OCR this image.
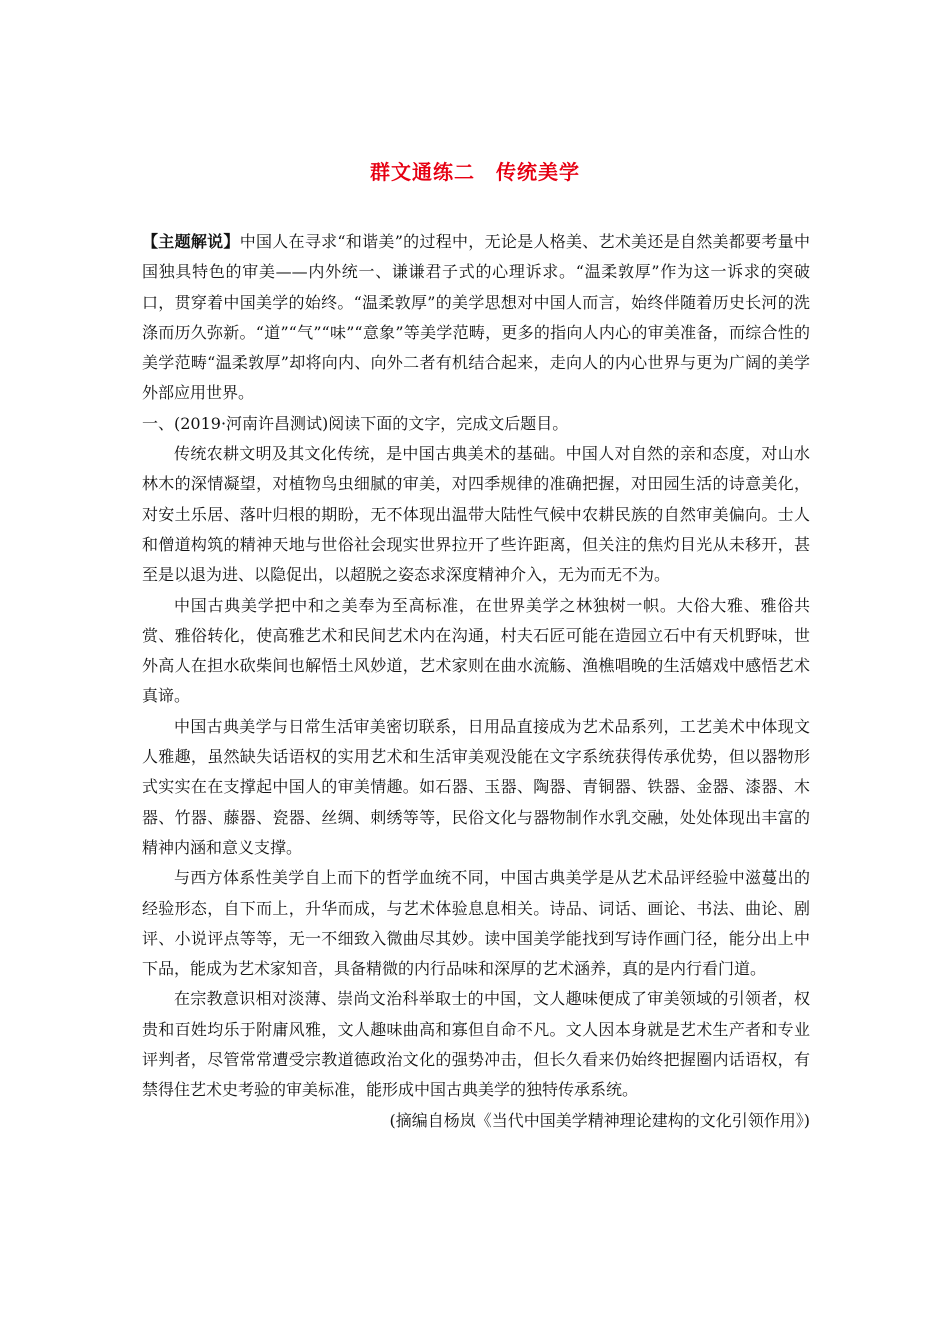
群文通练二　传统美学

【主题解说】中国人在寻求“和谐美”的过程中，无论是人格美、艺术美还是自然美都要考量中国独具特色的审美——内外统一、谦谦君子式的心理诉求。“温柔敦厚”作为这一诉求的突破口，贯穿着中国美学的始终。“温柔敦厚”的美学思想对中国人而言，始终伴随着历史长河的洗涤而历久弥新。“道”“气”“味”“意象”等美学范畴，更多的指向人内心的审美准备，而综合性的美学范畴“温柔敦厚”却将向内、向外二者有机结合起来，走向人的内心世界与更为广阔的美学外部应用世界。

一、(2019·河南许昌测试)阅读下面的文字，完成文后题目。

传统农耕文明及其文化传统，是中国古典美术的基础。中国人对自然的亲和态度，对山水林木的深情凝望，对植物鸟虫细腻的审美，对四季规律的准确把握，对田园生活的诗意美化，对安土乐居、落叶归根的期盼，无不体现出温带大陆性气候中农耕民族的自然审美偏向。士人和僧道构筑的精神天地与世俗社会现实世界拉开了些许距离，但关注的焦灼目光从未移开，甚至是以退为进、以隐促出，以超脱之姿态求深度精神介入，无为而无不为。

中国古典美学把中和之美奉为至高标准，在世界美学之林独树一帜。大俗大雅、雅俗共赏、雅俗转化，使高雅艺术和民间艺术内在沟通，村夫石匠可能在造园立石中有天机野味，世外高人在担水砍柴间也解悟土风妙道，艺术家则在曲水流觞、渔樵唱晚的生活嬉戏中感悟艺术真谛。

中国古典美学与日常生活审美密切联系，日用品直接成为艺术品系列，工艺美术中体现文人雅趣，虽然缺失话语权的实用艺术和生活审美观没能在文字系统获得传承优势，但以器物形式实实在在支撑起中国人的审美情趣。如石器、玉器、陶器、青铜器、铁器、金器、漆器、木器、竹器、藤器、瓷器、丝绸、刺绣等等，民俗文化与器物制作水乳交融，处处体现出丰富的精神内涵和意义支撑。

与西方体系性美学自上而下的哲学血统不同，中国古典美学是从艺术品评经验中滋蔓出的经验形态，自下而上，升华而成，与艺术体验息息相关。诗品、词话、画论、书法、曲论、剧评、小说评点等等，无一不细致入微曲尽其妙。读中国美学能找到写诗作画门径，能分出上中下品，能成为艺术家知音，具备精微的内行品味和深厚的艺术涵养，真的是内行看门道。

在宗教意识相对淡薄、崇尚文治科举取士的中国，文人趣味便成了审美领域的引领者，权贵和百姓均乐于附庸风雅，文人趣味曲高和寡但自命不凡。文人因本身就是艺术生产者和专业评判者，尽管常常遭受宗教道德政治文化的强势冲击，但长久看来仍始终把握圈内话语权，有禁得住艺术史考验的审美标准，能形成中国古典美学的独特传承系统。

(摘编自杨岚《当代中国美学精神理论建构的文化引领作用》)
